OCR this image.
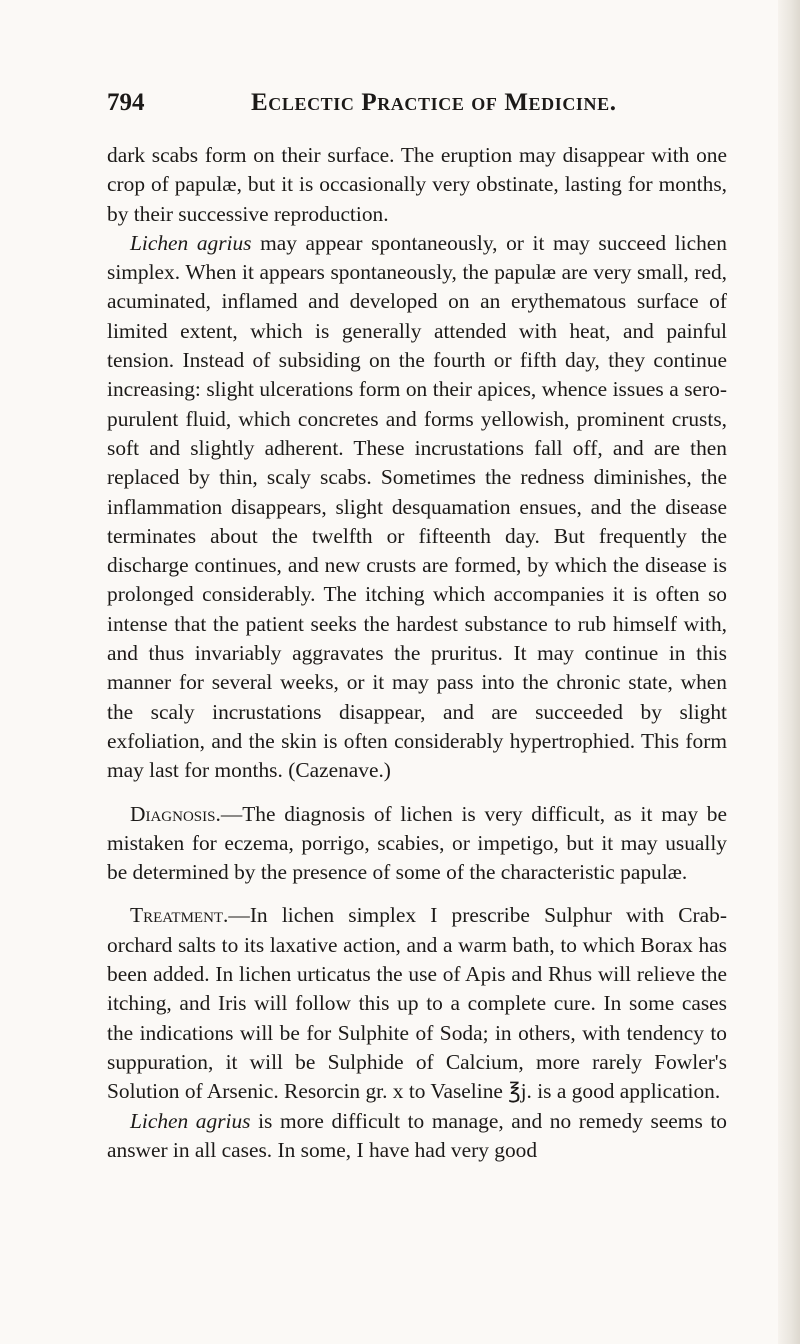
794	Eclectic Practice of Medicine.

dark scabs form on their surface. The eruption may disappear with one crop of papulæ, but it is occasionally very obstinate, lasting for months, by their successive reproduction.

Lichen agrius may appear spontaneously, or it may succeed lichen simplex. When it appears spontaneously, the papulæ are very small, red, acuminated, inflamed and developed on an erythematous surface of limited extent, which is generally attended with heat, and painful tension. Instead of subsiding on the fourth or fifth day, they continue increasing: slight ulcerations form on their apices, whence issues a sero-purulent fluid, which concretes and forms yellowish, prominent crusts, soft and slightly adherent. These incrustations fall off, and are then replaced by thin, scaly scabs. Sometimes the redness diminishes, the inflammation disappears, slight desquamation ensues, and the disease terminates about the twelfth or fifteenth day. But frequently the discharge continues, and new crusts are formed, by which the disease is prolonged considerably. The itching which accompanies it is often so intense that the patient seeks the hardest substance to rub himself with, and thus invariably aggravates the pruritus. It may continue in this manner for several weeks, or it may pass into the chronic state, when the scaly incrustations disappear, and are succeeded by slight exfoliation, and the skin is often considerably hypertrophied. This form may last for months. (Cazenave.)

Diagnosis.—The diagnosis of lichen is very difficult, as it may be mistaken for eczema, porrigo, scabies, or impetigo, but it may usually be determined by the presence of some of the characteristic papulæ.

Treatment.—In lichen simplex I prescribe Sulphur with Crab-orchard salts to its laxative action, and a warm bath, to which Borax has been added. In lichen urticatus the use of Apis and Rhus will relieve the itching, and Iris will follow this up to a complete cure. In some cases the indications will be for Sulphite of Soda; in others, with tendency to suppuration, it will be Sulphide of Calcium, more rarely Fowler's Solution of Arsenic. Resorcin gr. x to Vaseline ℥j. is a good application.

Lichen agrius is more difficult to manage, and no remedy seems to answer in all cases. In some, I have had very good
